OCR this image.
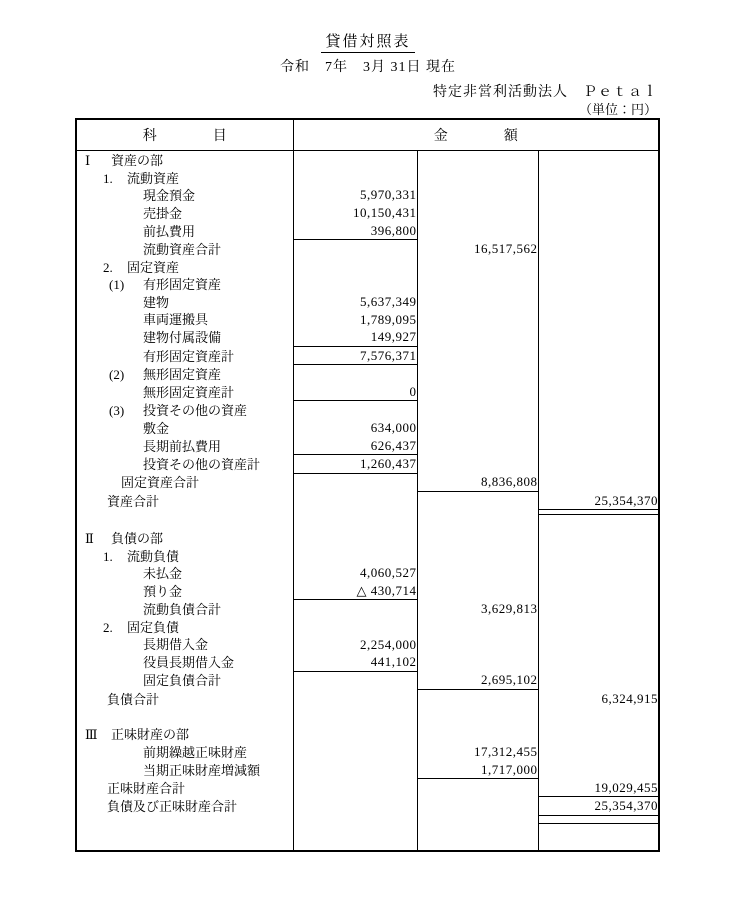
貸借対照表
令和　7年　3月 31日 現在
特定非営利活動法人　Ｐｅｔａｌ
（単位：円）
科　　　　目	金　　　　額		
Ⅰ 資産の部			
1. 流動資産			
現金預金	5,970,331		
売掛金	10,150,431		
前払費用	396,800		
流動資産合計		16,517,562	
2. 固定資産			
(1) 有形固定資産			
建物	5,637,349		
車両運搬具	1,789,095		
建物付属設備	149,927		
有形固定資産計	7,576,371		
(2) 無形固定資産			
無形固定資産計	0		
(3) 投資その他の資産			
敷金	634,000		
長期前払費用	626,437		
投資その他の資産計	1,260,437		
固定資産合計		8,836,808	
資産合計			25,354,370

Ⅱ 負債の部			
1. 流動負債			
未払金	4,060,527		
預り金	△ 430,714		
流動負債合計		3,629,813	
2. 固定負債			
長期借入金	2,254,000		
役員長期借入金	441,102		
固定負債合計		2,695,102	
負債合計			6,324,915

Ⅲ 正味財産の部			
前期繰越正味財産		17,312,455	
当期正味財産増減額		1,717,000	
正味財産合計			19,029,455
負債及び正味財産合計			25,354,370
